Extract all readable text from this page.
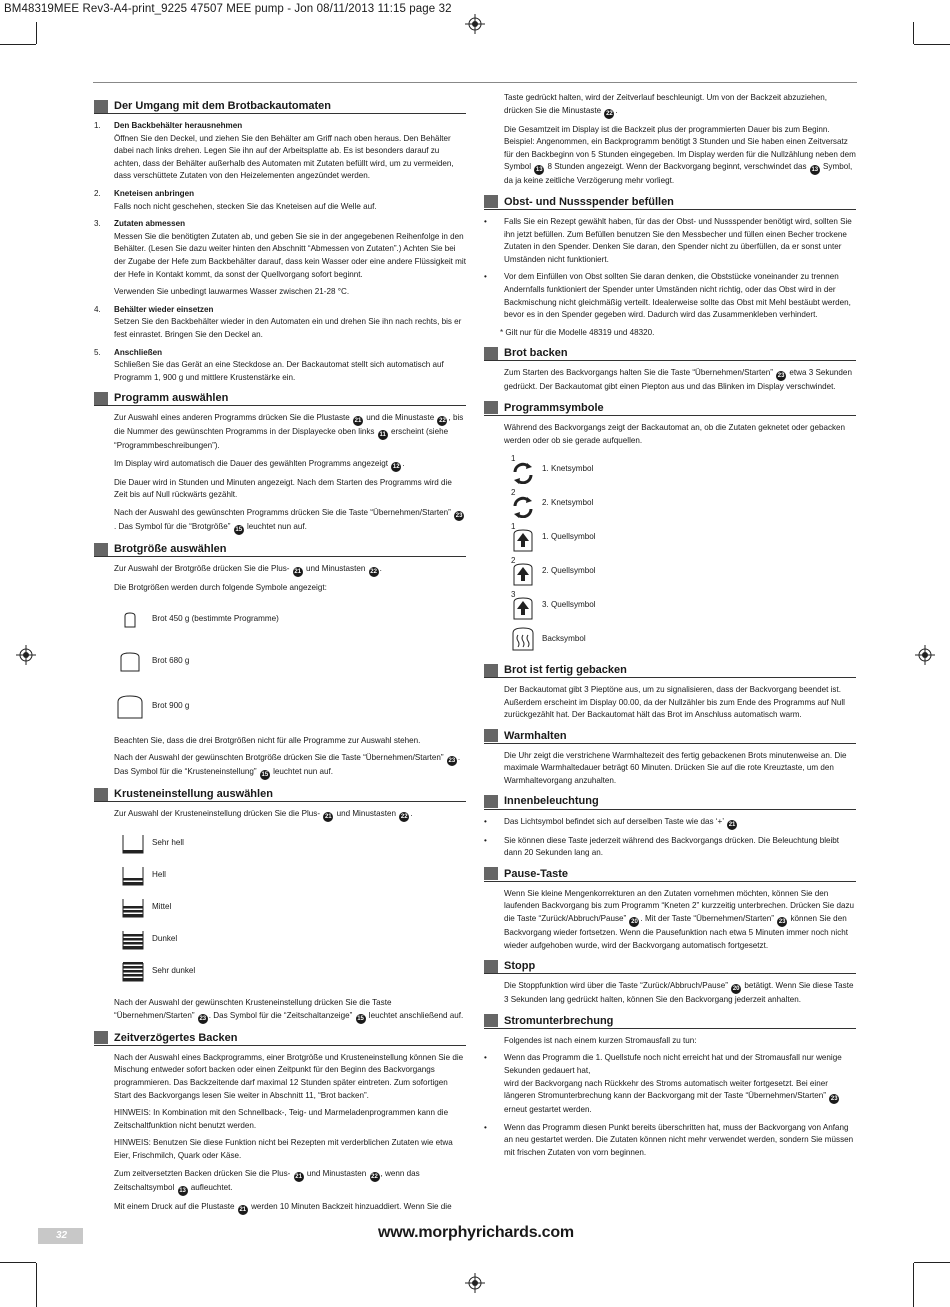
BM48319MEE Rev3-A4-print_9225 47507 MEE pump - Jon 08/11/2013 11:15 page 32
Der Umgang mit dem Brotbackautomaten
1.	Den Backbehälter herausnehmen
Öffnen Sie den Deckel, und ziehen Sie den Behälter am Griff nach oben heraus. Den Behälter dabei nach links drehen. Legen Sie ihn auf der Arbeitsplatte ab. Es ist besonders darauf zu achten, dass der Behälter außerhalb des Automaten mit Zutaten befüllt wird, um zu vermeiden, dass verschüttete Zutaten von den Heizelementen angezündet werden.
2.	Kneteisen anbringen
Falls noch nicht geschehen, stecken Sie das Kneteisen auf die Welle auf.
3.	Zutaten abmessen
Messen Sie die benötigten Zutaten ab, und geben Sie sie in der angegebenen Reihenfolge in den Behälter. (Lesen Sie dazu weiter hinten den Abschnitt “Abmessen von Zutaten”.) Achten Sie bei der Zugabe der Hefe zum Backbehälter darauf, dass kein Wasser oder eine andere Flüssigkeit mit der Hefe in Kontakt kommt, da sonst der Quellvorgang sofort beginnt.
Verwenden Sie unbedingt lauwarmes Wasser zwischen 21-28 °C.
4.	Behälter wieder einsetzen
Setzen Sie den Backbehälter wieder in den Automaten ein und drehen Sie ihn nach rechts, bis er fest einrastet. Bringen Sie den Deckel an.
5.	Anschließen
Schließen Sie das Gerät an eine Steckdose an. Der Backautomat stellt sich automatisch auf Programm 1, 900 g und mittlere Krustenstärke ein.
Programm auswählen
Zur Auswahl eines anderen Programms drücken Sie die Plustaste 21 und die Minustaste 22 , bis die Nummer des gewünschten Programms in der Displayecke oben links 11 erscheint (siehe “Programmbeschreibungen”).
Im Display wird automatisch die Dauer des gewählten Programms angezeigt 12 .
Die Dauer wird in Stunden und Minuten angezeigt. Nach dem Starten des Programms wird die Zeit bis auf Null rückwärts gezählt.
Nach der Auswahl des gewünschten Programms drücken Sie die Taste “Übernehmen/Starten” 23. Das Symbol für die “Brotgröße” 15 leuchtet nun auf.
Brotgröße auswählen
Zur Auswahl der Brotgröße drücken Sie die Plus- 21 und Minustasten 22 .
Die Brotgrößen werden durch folgende Symbole angezeigt:
Brot 450 g (bestimmte Programme)
Brot 680 g
Brot 900 g
Beachten Sie, dass die drei Brotgrößen nicht für alle Programme zur Auswahl stehen.
Nach der Auswahl der gewünschten Brotgröße drücken Sie die Taste “Übernehmen/Starten” 23 . Das Symbol für die “Krusteneinstellung” 15 leuchtet nun auf.
Krusteneinstellung auswählen
Zur Auswahl der Krusteneinstellung drücken Sie die Plus- 21 und Minustasten 22 .
Sehr hell
Hell
Mittel
Dunkel
Sehr dunkel
Nach der Auswahl der gewünschten Krusteneinstellung drücken Sie die Taste “Übernehmen/Starten” 23 . Das Symbol für die “Zeitschaltanzeige” 15 leuchtet anschließend auf.
Zeitverzögertes Backen
Nach der Auswahl eines Backprogramms, einer Brotgröße und Krusteneinstellung können Sie die Mischung entweder sofort backen oder einen Zeitpunkt für den Beginn des Backvorgangs programmieren. Das Backzeitende darf maximal 12 Stunden später eintreten. Zum sofortigen Start des Backvorgangs lesen Sie weiter in Abschnitt 11, “Brot backen”.
HINWEIS: In Kombination mit den Schnellback-, Teig- und Marmeladenprogrammen kann die Zeitschaltfunktion nicht benutzt werden.
HINWEIS: Benutzen Sie diese Funktion nicht bei Rezepten mit verderblichen Zutaten wie etwa Eier, Frischmilch, Quark oder Käse.
Zum zeitversetzten Backen drücken Sie die Plus- 21 und Minustasten 22 , wenn das Zeitschaltsymbol 13 aufleuchtet.
Mit einem Druck auf die Plustaste 21 werden 10 Minuten Backzeit hinzuaddiert. Wenn Sie die
Taste gedrückt halten, wird der Zeitverlauf beschleunigt. Um von der Backzeit abzuziehen, drücken Sie die Minustaste 22 .
Die Gesamtzeit im Display ist die Backzeit plus der programmierten Dauer bis zum Beginn. Beispiel: Angenommen, ein Backprogramm benötigt 3 Stunden und Sie haben einen Zeitversatz für den Backbeginn von 5 Stunden eingegeben. Im Display werden für die Nullzählung neben dem Symbol 13 8 Stunden angezeigt. Wenn der Backvorgang beginnt, verschwindet das 13 Symbol, da ja keine zeitliche Verzögerung mehr vorliegt.
Obst- und Nussspender befüllen
•	Falls Sie ein Rezept gewählt haben, für das der Obst- und Nussspender benötigt wird, sollten Sie ihn jetzt befüllen. Zum Befüllen benutzen Sie den Messbecher und füllen einen Becher trockene Zutaten in den Spender. Denken Sie daran, den Spender nicht zu überfüllen, da er sonst unter Umständen nicht funktioniert.
•	Vor dem Einfüllen von Obst sollten Sie daran denken, die Obststücke voneinander zu trennen Andernfalls funktioniert der Spender unter Umständen nicht richtig, oder das Obst wird in der Backmischung nicht gleichmäßig verteilt. Idealerweise sollte das Obst mit Mehl bestäubt werden, bevor es in den Spender gegeben wird. Dadurch wird das Zusammenkleben verhindert.
* Gilt nur für die Modelle 48319 und 48320.
Brot backen
Zum Starten des Backvorgangs halten Sie die Taste “Übernehmen/Starten” 23 etwa 3 Sekunden gedrückt. Der Backautomat gibt einen Piepton aus und das Blinken im Display verschwindet.
Programmsymbole
Während des Backvorgangs zeigt der Backautomat an, ob die Zutaten geknetet oder gebacken werden oder ob sie gerade aufquellen.
1
1. Knetsymbol
2
2. Knetsymbol
1
1. Quellsymbol
2
2. Quellsymbol
3
3. Quellsymbol
Backsymbol
Brot ist fertig gebacken
Der Backautomat gibt 3 Pieptöne aus, um zu signalisieren, dass der Backvorgang beendet ist. Außerdem erscheint im Display 00.00, da der Nullzähler bis zum Ende des Programms auf Null zurückgezählt hat. Der Backautomat hält das Brot im Anschluss automatisch warm.
Warmhalten
Die Uhr zeigt die verstrichene Warmhaltezeit des fertig gebackenen Brots minutenweise an. Die maximale Warmhaltedauer beträgt 60 Minuten. Drücken Sie auf die rote Kreuztaste, um den Warmhaltevorgang anzuhalten.
Innenbeleuchtung
•	Das Lichtsymbol befindet sich auf derselben Taste wie das ‘+’ 21
•	Sie können diese Taste jederzeit während des Backvorgangs drücken. Die Beleuchtung bleibt dann 20 Sekunden lang an.
Pause-Taste
Wenn Sie kleine Mengenkorrekturen an den Zutaten vornehmen möchten, können Sie den laufenden Backvorgang bis zum Programm “Kneten 2” kurzzeitig unterbrechen. Drücken Sie dazu die Taste “Zurück/Abbruch/Pause” 20 . Mit der Taste “Übernehmen/Starten” 23 können Sie den Backvorgang wieder fortsetzen. Wenn die Pausefunktion nach etwa 5 Minuten immer noch nicht wieder aufgehoben wurde, wird der Backvorgang automatisch fortgesetzt.
Stopp
Die Stoppfunktion wird über die Taste “Zurück/Abbruch/Pause” 20 betätigt. Wenn Sie diese Taste 3 Sekunden lang gedrückt halten, können Sie den Backvorgang jederzeit anhalten.
Stromunterbrechung
Folgendes ist nach einem kurzen Stromausfall zu tun:
•	Wenn das Programm die 1. Quellstufe noch nicht erreicht hat und der Stromausfall nur wenige Sekunden gedauert hat,
wird der Backvorgang nach Rückkehr des Stroms automatisch weiter fortgesetzt. Bei einer längeren Stromunterbrechung kann der Backvorgang mit der Taste “Übernehmen/Starten” 23 erneut gestartet werden.
•	Wenn das Programm diesen Punkt bereits überschritten hat, muss der Backvorgang von Anfang an neu gestartet werden. Die Zutaten können nicht mehr verwendet werden, sondern Sie müssen mit frischen Zutaten von vorn beginnen.
32	www.morphyrichards.com
